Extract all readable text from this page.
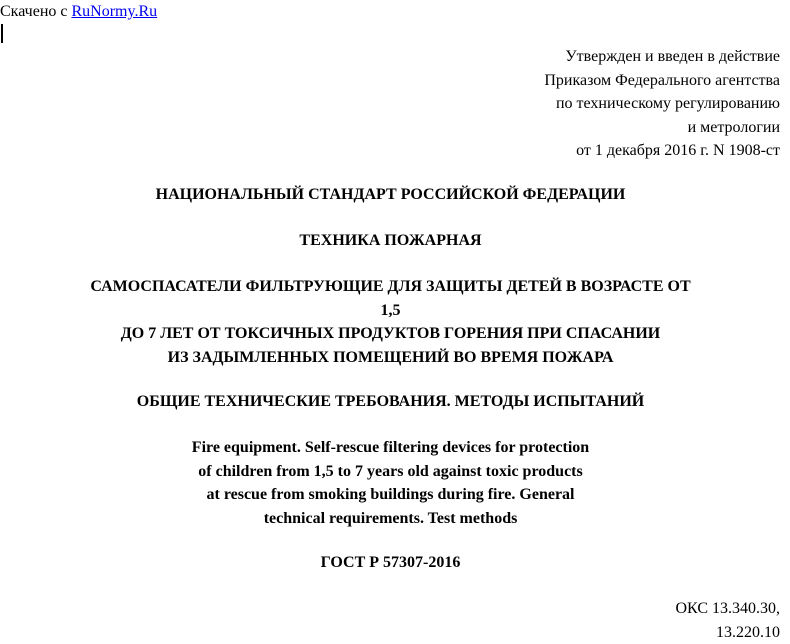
Скачено с RuNormy.Ru
Утвержден и введен в действие
Приказом Федерального агентства
по техническому регулированию
и метрологии
от 1 декабря 2016 г. N 1908-ст
НАЦИОНАЛЬНЫЙ СТАНДАРТ РОССИЙСКОЙ ФЕДЕРАЦИИ
ТЕХНИКА ПОЖАРНАЯ
САМОСПАСАТЕЛИ ФИЛЬТРУЮЩИЕ ДЛЯ ЗАЩИТЫ ДЕТЕЙ В ВОЗРАСТЕ ОТ
1,5
ДО 7 ЛЕТ ОТ ТОКСИЧНЫХ ПРОДУКТОВ ГОРЕНИЯ ПРИ СПАСАНИИ
ИЗ ЗАДЫМЛЕННЫХ ПОМЕЩЕНИЙ ВО ВРЕМЯ ПОЖАРА
ОБЩИЕ ТЕХНИЧЕСКИЕ ТРЕБОВАНИЯ. МЕТОДЫ ИСПЫТАНИЙ
Fire equipment. Self-rescue filtering devices for protection
of children from 1,5 to 7 years old against toxic products
at rescue from smoking buildings during fire. General
technical requirements. Test methods
ГОСТ Р 57307-2016
ОКС 13.340.30,
13.220.10
